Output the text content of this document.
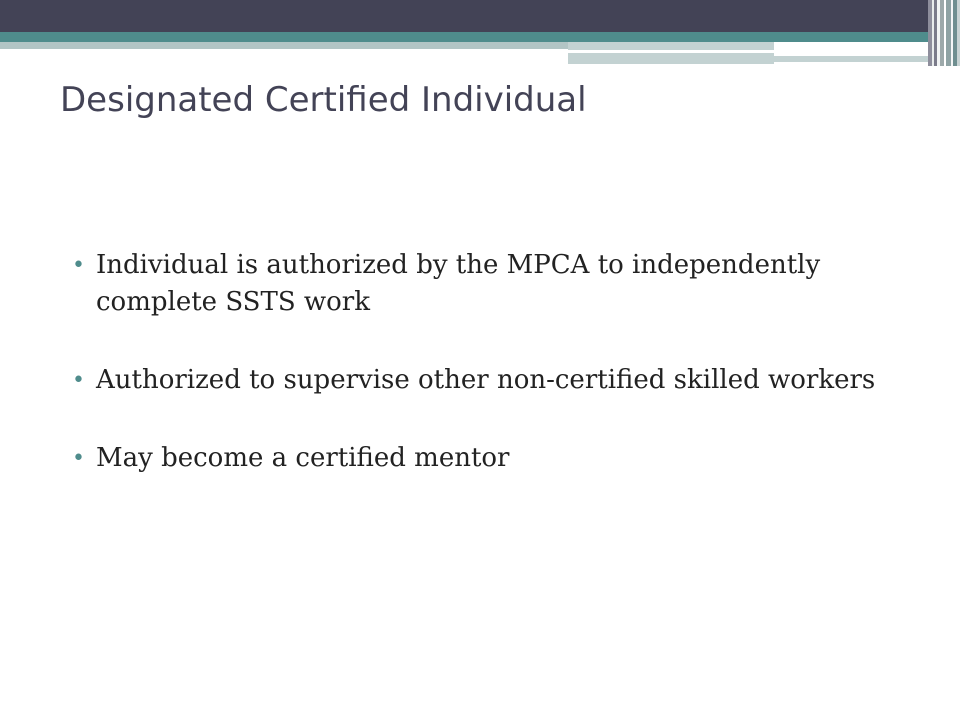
Designated Certified Individual
• Individual is authorized by the MPCA to independently complete SSTS work
• Authorized to supervise other non-certified skilled workers
• May become a certified mentor
